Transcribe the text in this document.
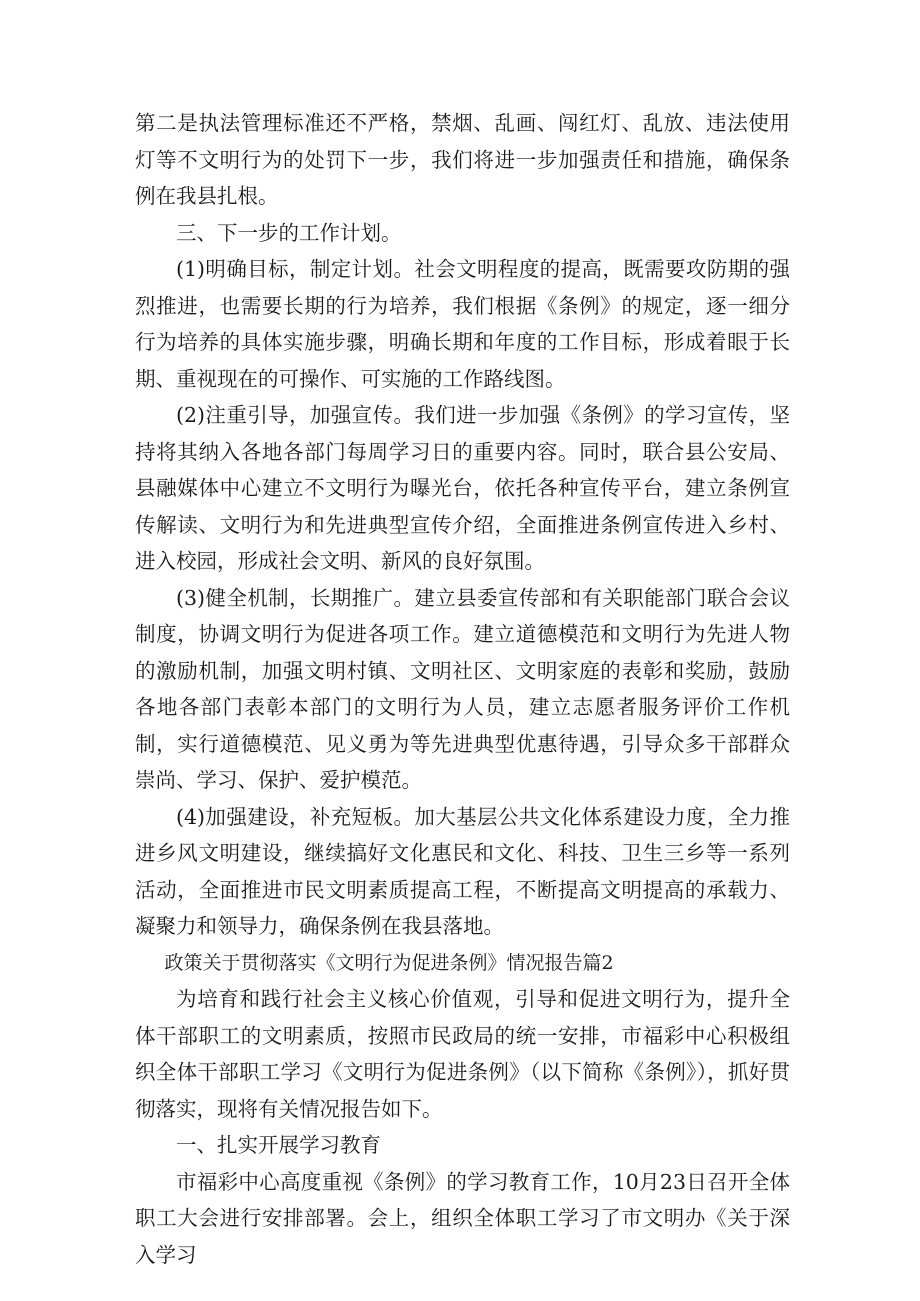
第二是执法管理标准还不严格，禁烟、乱画、闯红灯、乱放、违法使用灯等不文明行为的处罚下一步，我们将进一步加强责任和措施，确保条例在我县扎根。

三、下一步的工作计划。

(1)明确目标，制定计划。社会文明程度的提高，既需要攻防期的强烈推进，也需要长期的行为培养，我们根据《条例》的规定，逐一细分行为培养的具体实施步骤，明确长期和年度的工作目标，形成着眼于长期、重视现在的可操作、可实施的工作路线图。

(2)注重引导，加强宣传。我们进一步加强《条例》的学习宣传，坚持将其纳入各地各部门每周学习日的重要内容。同时，联合县公安局、县融媒体中心建立不文明行为曝光台，依托各种宣传平台，建立条例宣传解读、文明行为和先进典型宣传介绍，全面推进条例宣传进入乡村、进入校园，形成社会文明、新风的良好氛围。

(3)健全机制，长期推广。建立县委宣传部和有关职能部门联合会议制度，协调文明行为促进各项工作。建立道德模范和文明行为先进人物的激励机制，加强文明村镇、文明社区、文明家庭的表彰和奖励，鼓励各地各部门表彰本部门的文明行为人员，建立志愿者服务评价工作机制，实行道德模范、见义勇为等先进典型优惠待遇，引导众多干部群众崇尚、学习、保护、爱护模范。

(4)加强建设，补充短板。加大基层公共文化体系建设力度，全力推进乡风文明建设，继续搞好文化惠民和文化、科技、卫生三乡等一系列活动，全面推进市民文明素质提高工程，不断提高文明提高的承载力、凝聚力和领导力，确保条例在我县落地。

政策关于贯彻落实《文明行为促进条例》情况报告篇2

为培育和践行社会主义核心价值观，引导和促进文明行为，提升全体干部职工的文明素质，按照市民政局的统一安排，市福彩中心积极组织全体干部职工学习《文明行为促进条例》（以下简称《条例》），抓好贯彻落实，现将有关情况报告如下。

一、扎实开展学习教育

市福彩中心高度重视《条例》的学习教育工作，10月23日召开全体职工大会进行安排部署。会上，组织全体职工学习了市文明办《关于深入学习
